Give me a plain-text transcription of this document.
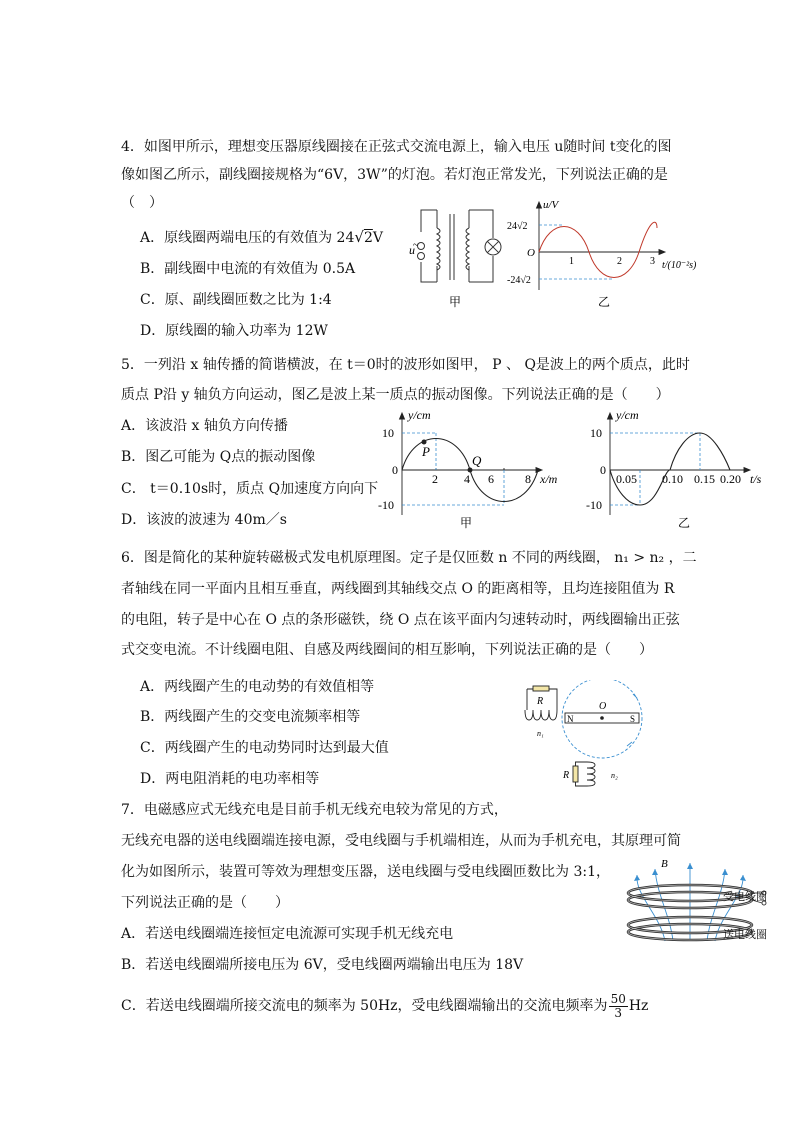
4．如图甲所示，理想变压器原线圈接在正弦式交流电源上，输入电压 u随时间 t变化的图
像如图乙所示，副线圈接规格为“6V，3W”的灯泡。若灯泡正常发光，下列说法正确的是
（　）
A．原线圈两端电压的有效值为 24√2V
B．副线圈中电流的有效值为 0.5A
C．原、副线圈匝数之比为 1:4
D．原线圈的输入功率为 12W
u
~
甲
u/V
24√2
-24√2
O
1	2	3 t/(10⁻²s)
乙
5．一列沿 x 轴传播的简谐横波，在 t＝0时的波形如图甲， P 、 Q是波上的两个质点，此时
质点 P沿 y 轴负方向运动，图乙是波上某一质点的振动图像。下列说法正确的是（　　）
A．该波沿 x 轴负方向传播
B．图乙可能为 Q点的振动图像
C． t＝0.10s时，质点 Q加速度方向向下
D．该波的波速为 40m／s
y/cm
10
-10
0
2 4 6	8 x/m
P
Q
甲
y/cm
10
-10
0
0.05 0.10 0.15 0.20 t/s
乙
6．图是简化的某种旋转磁极式发电机原理图。定子是仅匝数 n 不同的两线圈， n₁ > n₂ ，二
者轴线在同一平面内且相互垂直，两线圈到其轴线交点 O 的距离相等，且均连接阻值为 R
的电阻，转子是中心在 O 点的条形磁铁，绕 O 点在该平面内匀速转动时，两线圈输出正弦
式交变电流。不计线圈电阻、自感及两线圈间的相互影响，下列说法正确的是（　　）
A．两线圈产生的电动势的有效值相等
B．两线圈产生的交变电流频率相等
C．两线圈产生的电动势同时达到最大值
D．两电阻消耗的电功率相等
N	S
O
R
n₁
R	n₂
7．电磁感应式无线充电是目前手机无线充电较为常见的方式，
无线充电器的送电线圈端连接电源，受电线圈与手机端相连，从而为手机充电，其原理可简
化为如图所示，装置可等效为理想变压器，送电线圈与受电线圈匝数比为 3:1，
下列说法正确的是（　　）
A．若送电线圈端连接恒定电流源可实现手机无线充电
B．若送电线圈端所接电压为 6V，受电线圈两端输出电压为 18V
C．若送电线圈端所接交流电的频率为 50Hz，受电线圈端输出的交流电频率为 $\frac{50}{3}$ Hz
B
受电线圈
送电线圈
